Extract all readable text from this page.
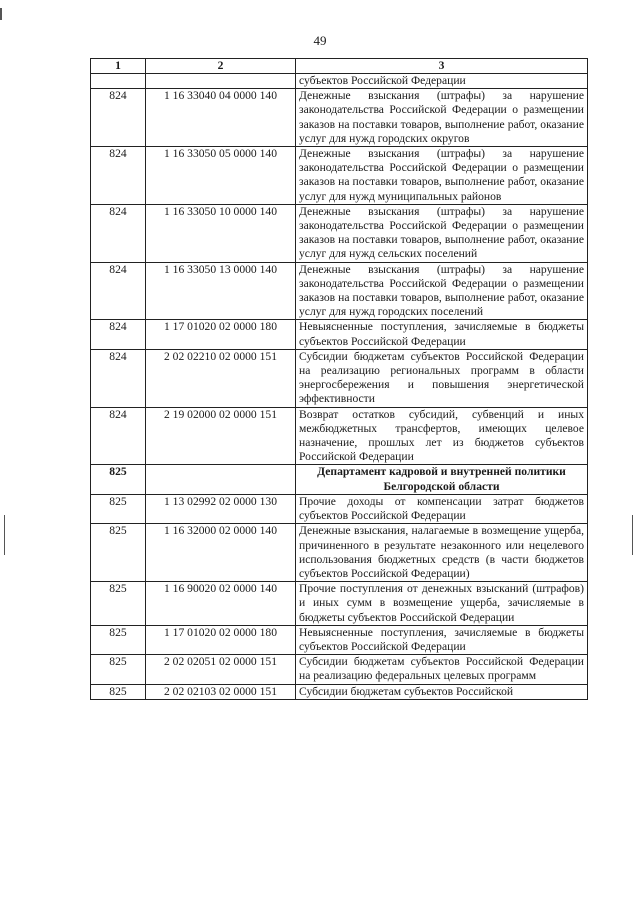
49
1	2	3
		субъектов Российской Федерации
824	1 16 33040 04 0000 140	Денежные взыскания (штрафы) за нарушение законодательства Российской Федерации о размещении заказов на поставки товаров, выполнение работ, оказание услуг для нужд городских округов
824	1 16 33050 05 0000 140	Денежные взыскания (штрафы) за нарушение законодательства Российской Федерации о размещении заказов на поставки товаров, выполнение работ, оказание услуг для нужд муниципальных районов
824	1 16 33050 10 0000 140	Денежные взыскания (штрафы) за нарушение законодательства Российской Федерации о размещении заказов на поставки товаров, выполнение работ, оказание услуг для нужд сельских поселений
824	1 16 33050 13 0000 140	Денежные взыскания (штрафы) за нарушение законодательства Российской Федерации о размещении заказов на поставки товаров, выполнение работ, оказание услуг для нужд городских поселений
824	1 17 01020 02 0000 180	Невыясненные поступления, зачисляемые в бюджеты субъектов Российской Федерации
824	2 02 02210 02 0000 151	Субсидии бюджетам субъектов Российской Федерации на реализацию региональных программ в области энергосбережения и повышения энергетической эффективности
824	2 19 02000 02 0000 151	Возврат остатков субсидий, субвенций и иных межбюджетных трансфертов, имеющих целевое назначение, прошлых лет из бюджетов субъектов Российской Федерации
825		Департамент кадровой и внутренней политики Белгородской области
825	1 13 02992 02 0000 130	Прочие доходы от компенсации затрат бюджетов субъектов Российской Федерации
825	1 16 32000 02 0000 140	Денежные взыскания, налагаемые в возмещение ущерба, причиненного в результате незаконного или нецелевого использования бюджетных средств (в части бюджетов субъектов Российской Федерации)
825	1 16 90020 02 0000 140	Прочие поступления от денежных взысканий (штрафов) и иных сумм в возмещение ущерба, зачисляемые в бюджеты субъектов Российской Федерации
825	1 17 01020 02 0000 180	Невыясненные поступления, зачисляемые в бюджеты субъектов Российской Федерации
825	2 02 02051 02 0000 151	Субсидии бюджетам субъектов Российской Федерации на реализацию федеральных целевых программ
825	2 02 02103 02 0000 151	Субсидии бюджетам субъектов Российской
